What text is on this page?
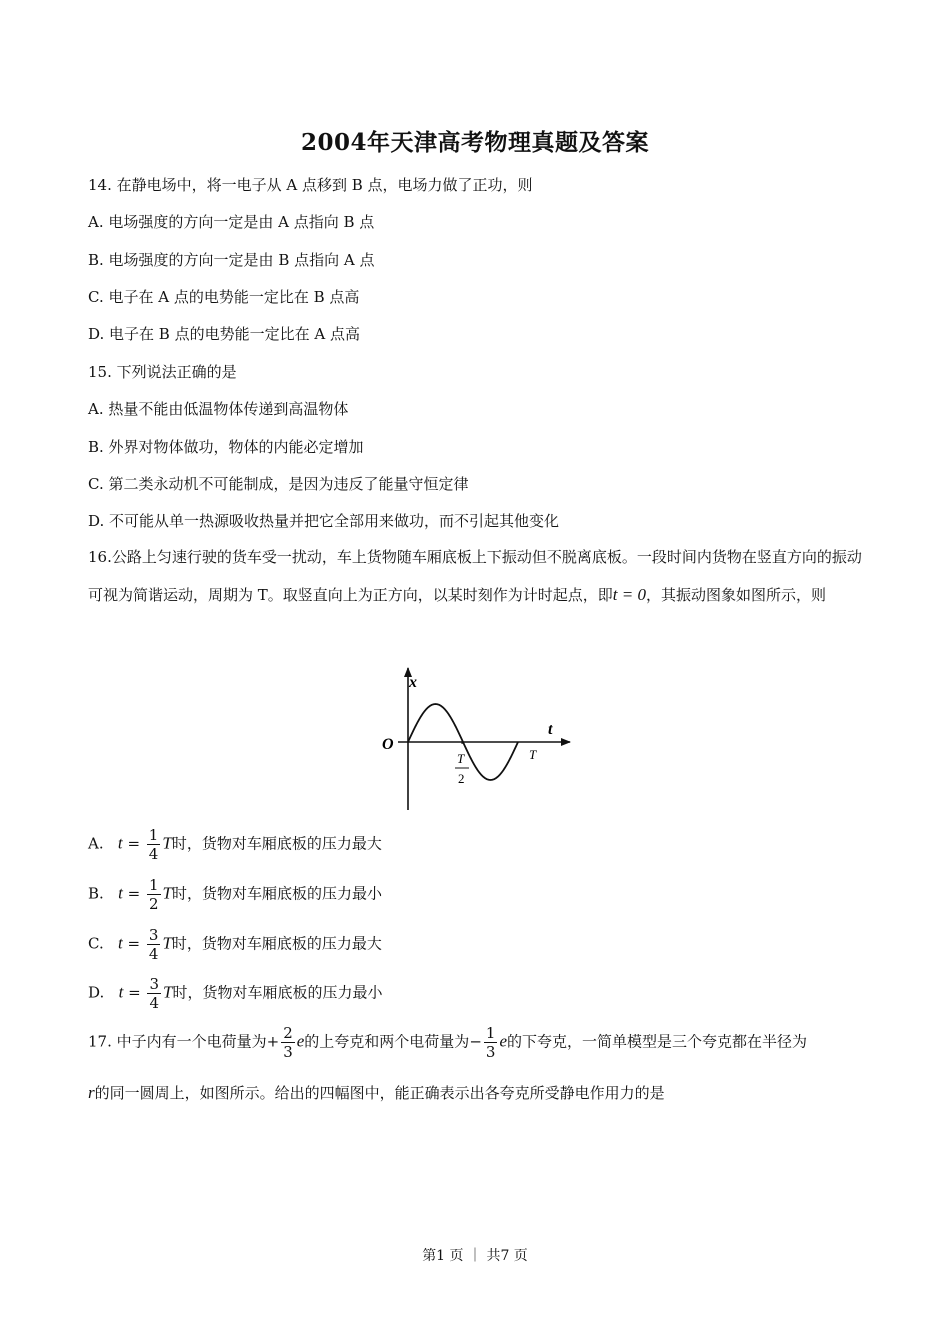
2004年天津高考物理真题及答案
14. 在静电场中，将一电子从 A 点移到 B 点，电场力做了正功，则
A. 电场强度的方向一定是由 A 点指向 B 点
B. 电场强度的方向一定是由 B 点指向 A 点
C. 电子在 A 点的电势能一定比在 B 点高
D. 电子在 B 点的电势能一定比在 A 点高
15. 下列说法正确的是
A. 热量不能由低温物体传递到高温物体
B. 外界对物体做功，物体的内能必定增加
C. 第二类永动机不可能制成，是因为违反了能量守恒定律
D. 不可能从单一热源吸收热量并把它全部用来做功，而不引起其他变化
16.公路上匀速行驶的货车受一扰动，车上货物随车厢底板上下振动但不脱离底板。一段时间内货物在竖直方向的振动可视为简谐运动，周期为 T。取竖直向上为正方向，以某时刻作为计时起点，即t = 0，其振动图象如图所示，则
x
t
O
T
2
T
A. $t = \frac{1}{4}$ T时，货物对车厢底板的压力最大
B. $t = \frac{1}{2}$ T时，货物对车厢底板的压力最小
C. $t = \frac{3}{4}$ T时，货物对车厢底板的压力最大
D. $t = \frac{3}{4}$ T时，货物对车厢底板的压力最小
17. 中子内有一个电荷量为+ $\frac{2}{3}$ e的上夸克和两个电荷量为− $\frac{1}{3}$ e的下夸克，一简单模型是三个夸克都在半径为
r的同一圆周上，如图所示。给出的四幅图中，能正确表示出各夸克所受静电作用力的是
第1 页 ｜ 共7 页
